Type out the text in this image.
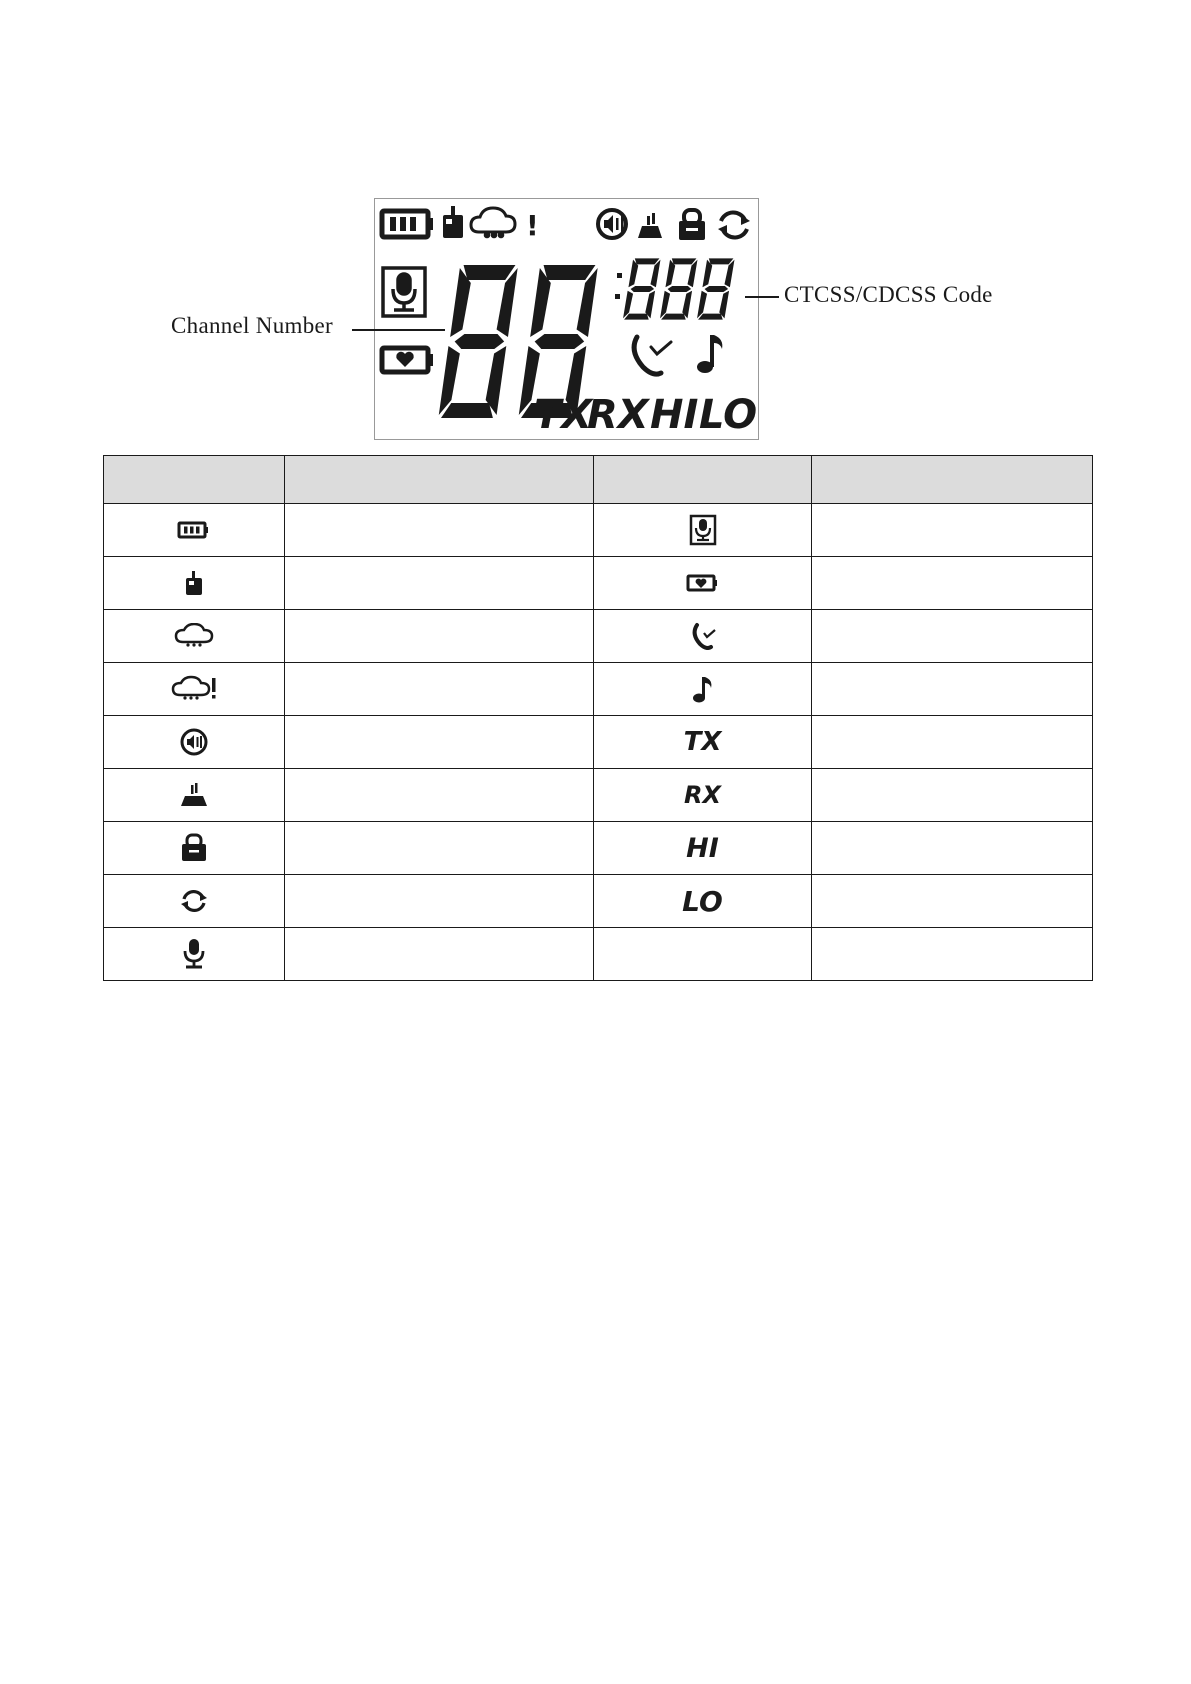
!
TX
RX HI LO
Channel Number
CTCSS/CDCSS Code

		TX	

		RX	

		HI	

		LO	
